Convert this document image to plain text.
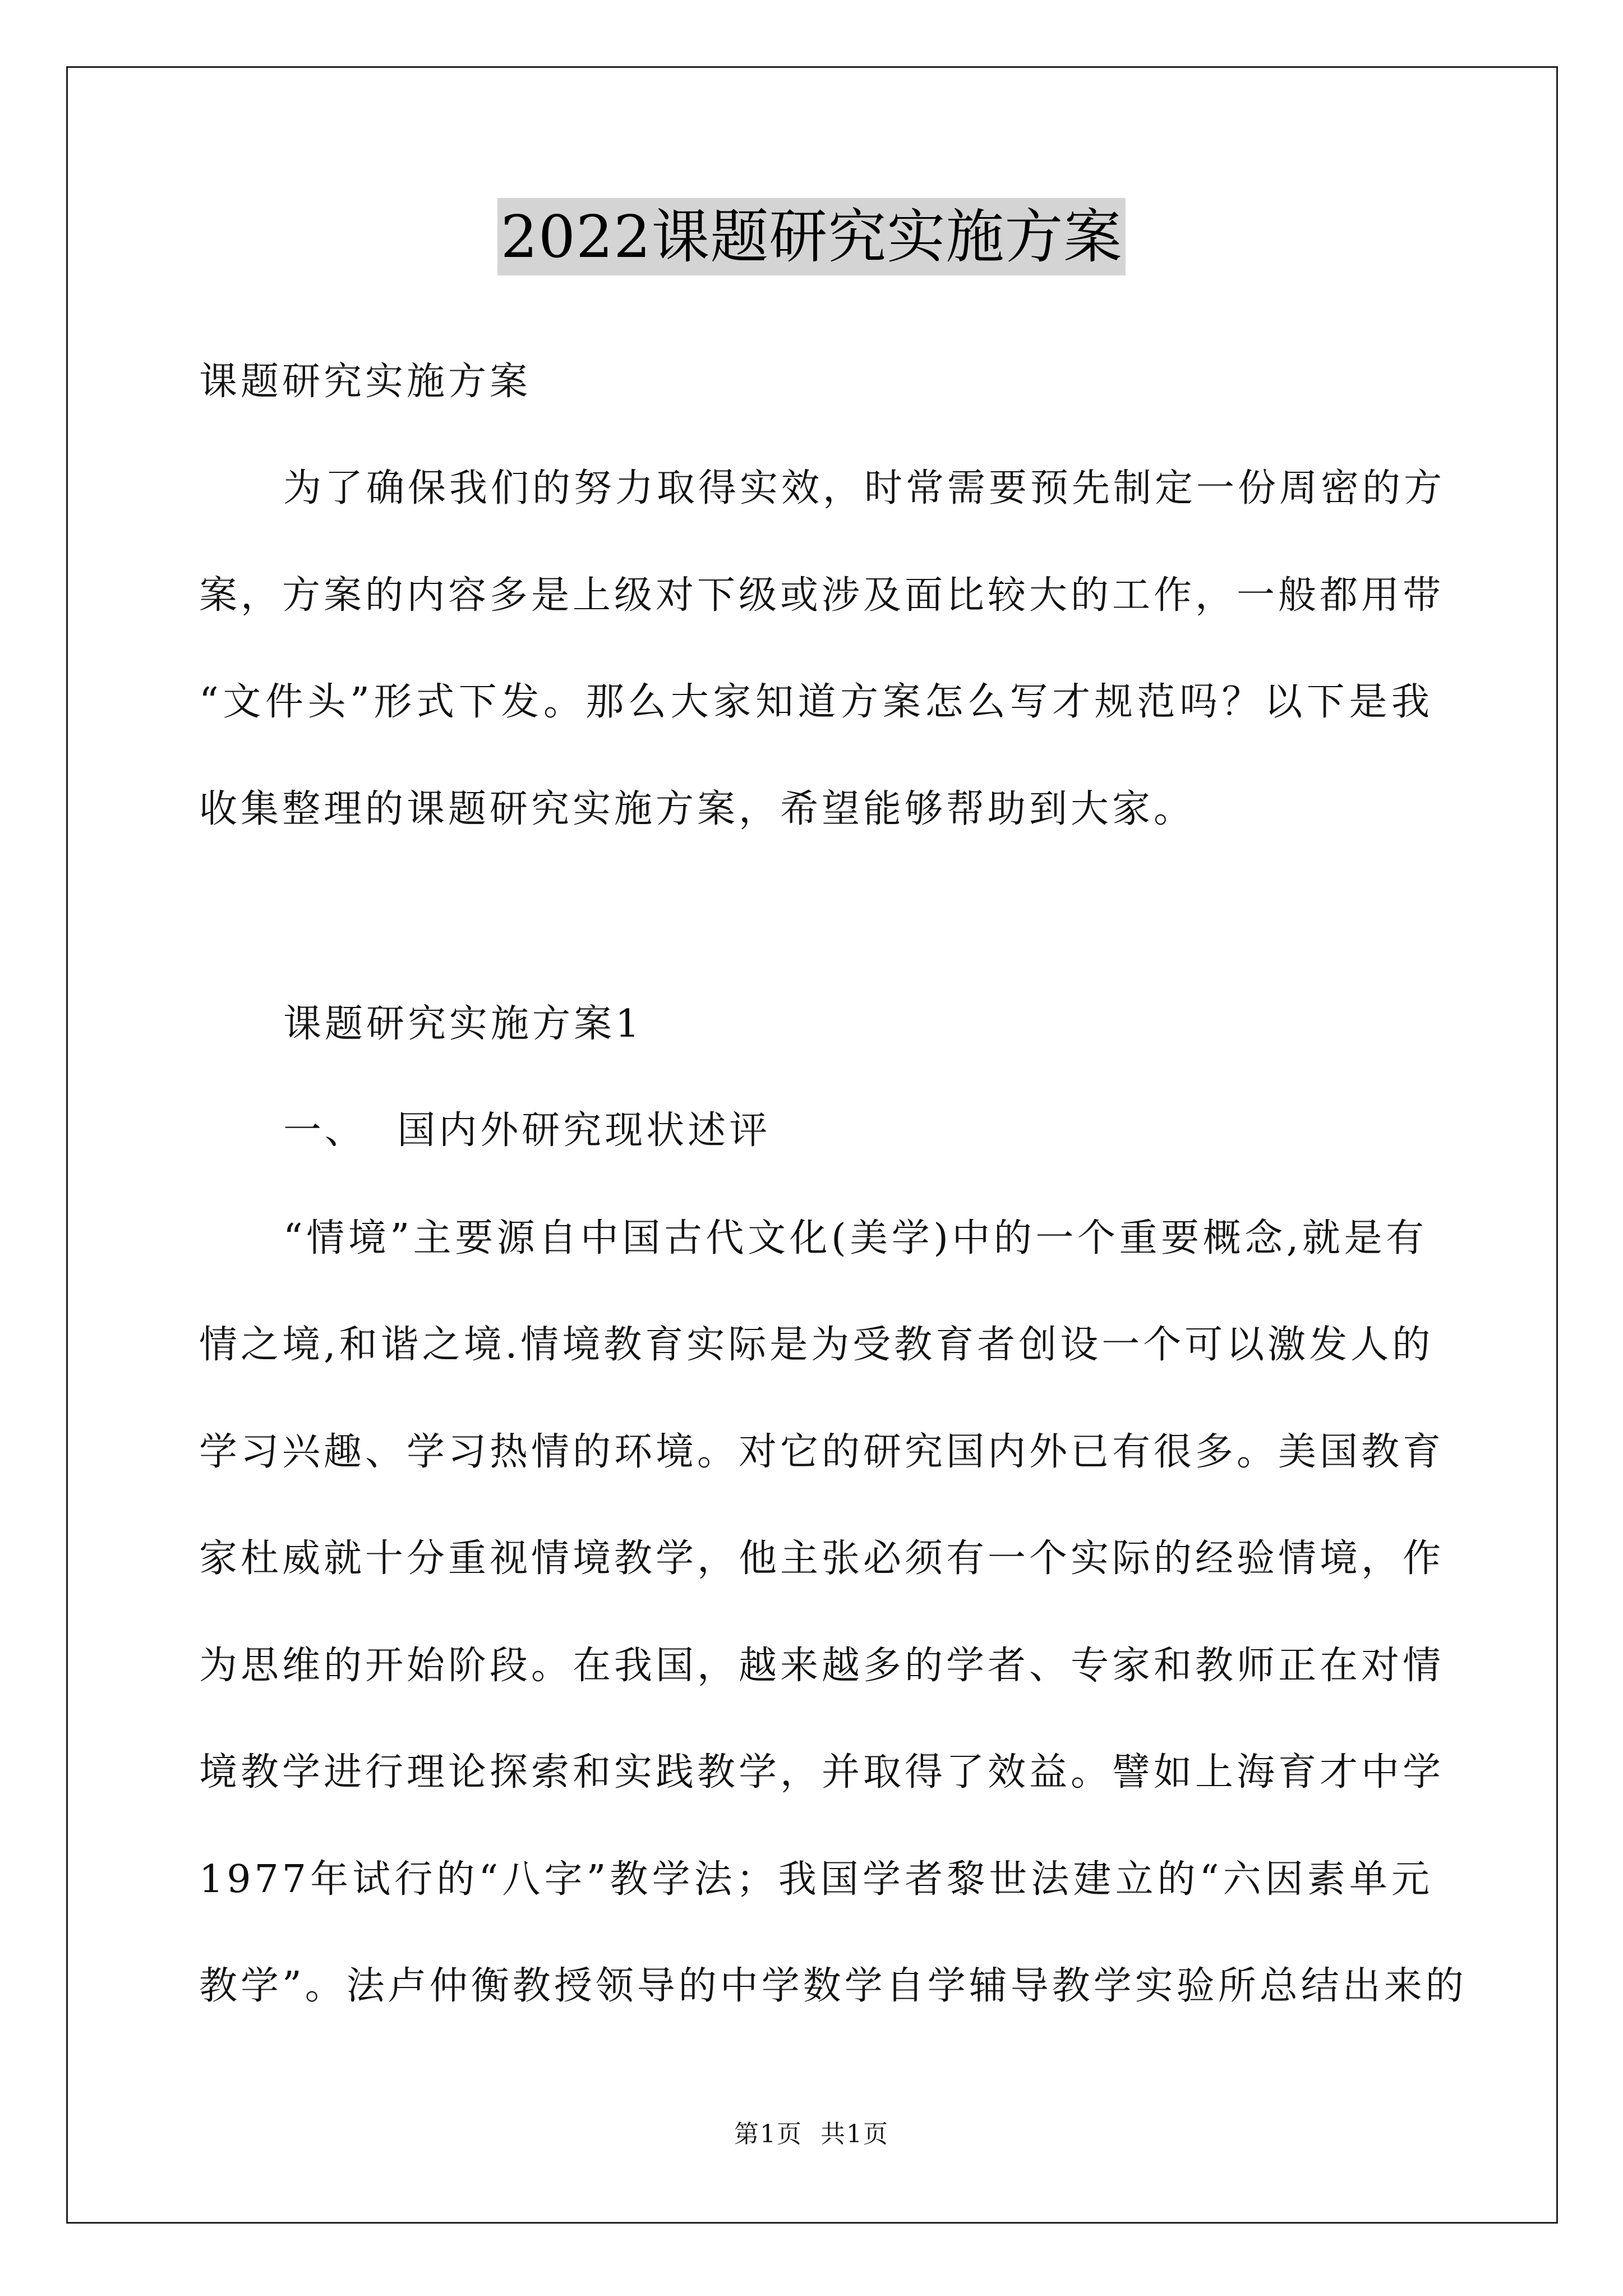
2022课题研究实施方案
课题研究实施方案
为了确保我们的努力取得实效，时常需要预先制定一份周密的方
案，方案的内容多是上级对下级或涉及面比较大的工作，一般都用带
“文件头”形式下发。那么大家知道方案怎么写才规范吗？以下是我
收集整理的课题研究实施方案，希望能够帮助到大家。
课题研究实施方案1
一、  国内外研究现状述评
“情境”主要源自中国古代文化(美学)中的一个重要概念,就是有
情之境,和谐之境.情境教育实际是为受教育者创设一个可以激发人的
学习兴趣、学习热情的环境。对它的研究国内外已有很多。美国教育
家杜威就十分重视情境教学，他主张必须有一个实际的经验情境，作
为思维的开始阶段。在我国，越来越多的学者、专家和教师正在对情
境教学进行理论探索和实践教学，并取得了效益。譬如上海育才中学
1977年试行的“八字”教学法；我国学者黎世法建立的“六因素单元
教学”。法卢仲衡教授领导的中学数学自学辅导教学实验所总结出来的
第1页  共1页
